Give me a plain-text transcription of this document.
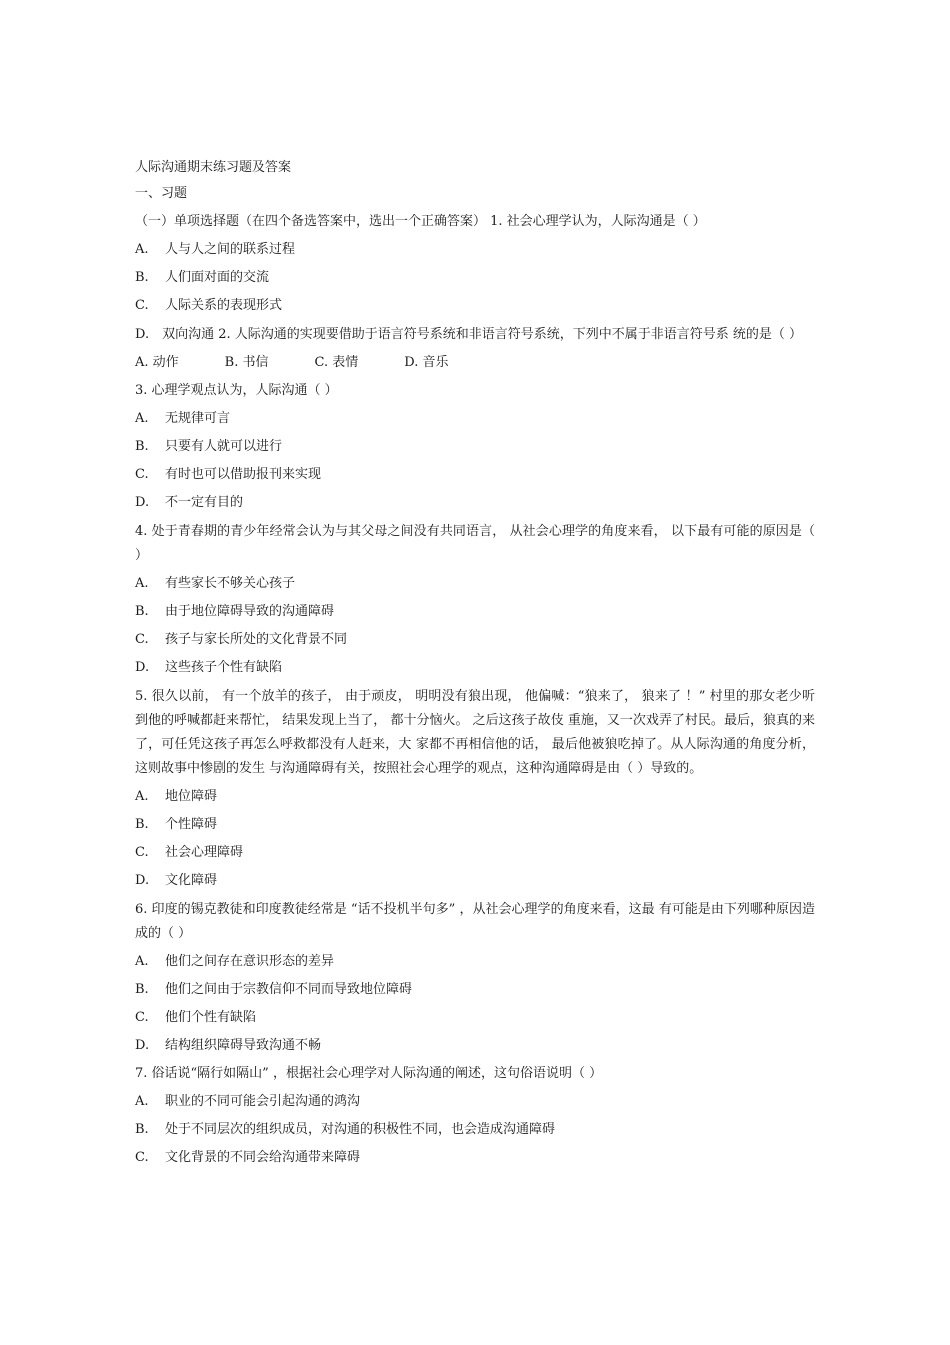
人际沟通期末练习题及答案
一、习题
（一）单项选择题（在四个备选答案中，选出一个正确答案） 1. 社会心理学认为，人际沟通是（ ）
A. 人与人之间的联系过程
B. 人们面对面的交流
C. 人际关系的表现形式
D.　双向沟通 2. 人际沟通的实现要借助于语言符号系统和非语言符号系统，下列中不属于非语言符号系 统的是（ ）
A. 动作	B. 书信	C. 表情	D. 音乐
3. 心理学观点认为，人际沟通（ ）
A. 无规律可言
B. 只要有人就可以进行
C. 有时也可以借助报刊来实现
D. 不一定有目的
4. 处于青春期的青少年经常会认为与其父母之间没有共同语言， 从社会心理学的角度来看， 以下最有可能的原因是（ ）
A. 有些家长不够关心孩子
B. 由于地位障碍导致的沟通障碍
C. 孩子与家长所处的文化背景不同
D. 这些孩子个性有缺陷
5. 很久以前， 有一个放羊的孩子， 由于顽皮， 明明没有狼出现， 他偏喊：“狼来了， 狼来了 ！” 村里的那女老少听到他的呼喊都赶来帮忙， 结果发现上当了， 都十分恼火。 之后这孩子故伎 重施，又一次戏弄了村民。最后，狼真的来了，可任凭这孩子再怎么呼救都没有人赶来，大 家都不再相信他的话， 最后他被狼吃掉了。从人际沟通的角度分析， 这则故事中惨剧的发生 与沟通障碍有关，按照社会心理学的观点，这种沟通障碍是由（ ）导致的。
A. 地位障碍
B. 个性障碍
C. 社会心理障碍
D. 文化障碍
6. 印度的锡克教徒和印度教徒经常是 “话不投机半句多” ，从社会心理学的角度来看，这最 有可能是由下列哪种原因造成的（ ）
A. 他们之间存在意识形态的差异
B. 他们之间由于宗教信仰不同而导致地位障碍
C. 他们个性有缺陷
D. 结构组织障碍导致沟通不畅
7. 俗话说“隔行如隔山” ，根据社会心理学对人际沟通的阐述，这句俗语说明（ ）
A. 职业的不同可能会引起沟通的鸿沟
B. 处于不同层次的组织成员，对沟通的积极性不同，也会造成沟通障碍
C. 文化背景的不同会给沟通带来障碍
